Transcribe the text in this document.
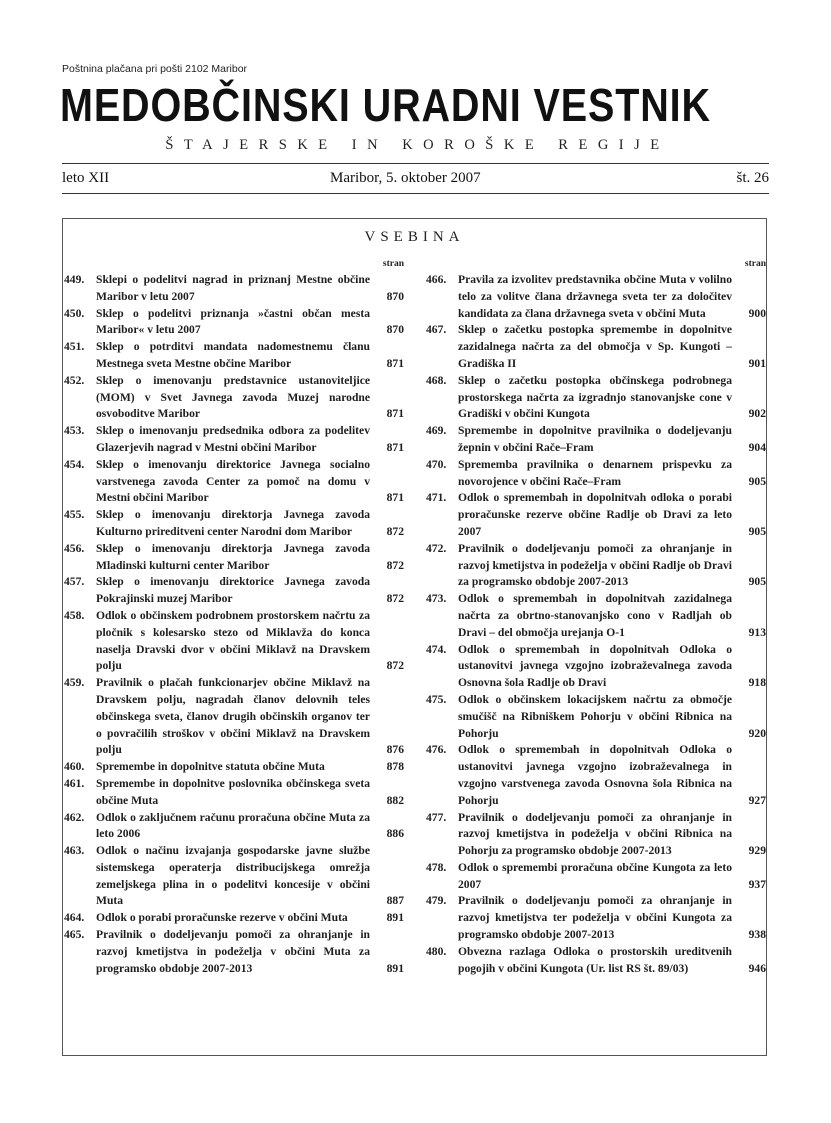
Poštnina plačana pri pošti 2102 Maribor
MEDOBČINSKI URADNI VESTNIK
ŠTAJERSKE IN KOROŠKE REGIJE
leto XII	Maribor, 5. oktober 2007	št. 26
VSEBINA
stran
449.	Sklepi o podelitvi nagrad in priznanj Mestne občine Maribor v letu 2007	870
450.	Sklep o podelitvi priznanja »častni občan mesta Maribor« v letu 2007	870
451.	Sklep o potrditvi mandata nadomestnemu članu Mestnega sveta Mestne občine Maribor	871
452.	Sklep o imenovanju predstavnice ustanoviteljice (MOM) v Svet Javnega zavoda Muzej narodne osvoboditve Maribor	871
453.	Sklep o imenovanju predsednika odbora za podelitev Glazerjevih nagrad v Mestni občini Maribor	871
454.	Sklep o imenovanju direktorice Javnega socialno varstvenega zavoda Center za pomoč na domu v Mestni občini Maribor	871
455.	Sklep o imenovanju direktorja Javnega zavoda Kulturno prireditveni center Narodni dom Maribor	872
456.	Sklep o imenovanju direktorja Javnega zavoda Mladinski kulturni center Maribor	872
457.	Sklep o imenovanju direktorice Javnega zavoda Pokrajinski muzej Maribor	872
458.	Odlok o občinskem podrobnem prostorskem načrtu za pločnik s kolesarsko stezo od Miklavža do konca naselja Dravski dvor v občini Miklavž na Dravskem polju	872
459.	Pravilnik o plačah funkcionarjev občine Miklavž na Dravskem polju, nagradah članov delovnih teles občinskega sveta, članov drugih občinskih organov ter o povračilih stroškov v občini Miklavž na Dravskem polju	876
460.	Spremembe in dopolnitve statuta občine Muta	878
461.	Spremembe in dopolnitve poslovnika občinskega sveta občine Muta	882
462.	Odlok o zaključnem računu proračuna občine Muta za leto 2006	886
463.	Odlok o načinu izvajanja gospodarske javne službe sistemskega operaterja distribucijskega omrežja zemeljskega plina in o podelitvi koncesije v občini Muta	887
464.	Odlok o porabi proračunske rezerve v občini Muta	891
465.	Pravilnik o dodeljevanju pomoči za ohranjanje in razvoj kmetijstva in podeželja v občini Muta za programsko obdobje 2007-2013	891
stran
466.	Pravila za izvolitev predstavnika občine Muta v volilno telo za volitve člana državnega sveta ter za določitev kandidata za člana državnega sveta v občini Muta	900
467.	Sklep o začetku postopka spremembe in dopolnitve zazidalnega načrta za del območja v Sp. Kungoti – Gradiška II	901
468.	Sklep o začetku postopka občinskega podrobnega prostorskega načrta za izgradnjo stanovanjske cone v Gradiški v občini Kungota	902
469.	Spremembe in dopolnitve pravilnika o dodeljevanju žepnin v občini Rače–Fram	904
470.	Sprememba pravilnika o denarnem prispevku za novorojence v občini Rače–Fram	905
471.	Odlok o spremembah in dopolnitvah odloka o porabi proračunske rezerve občine Radlje ob Dravi za leto 2007	905
472.	Pravilnik o dodeljevanju pomoči za ohranjanje in razvoj kmetijstva in podeželja v občini Radlje ob Dravi za programsko obdobje 2007-2013	905
473.	Odlok o spremembah in dopolnitvah zazidalnega načrta za obrtno-stanovanjsko cono v Radljah ob Dravi – del območja urejanja O-1	913
474.	Odlok o spremembah in dopolnitvah Odloka o ustanovitvi javnega vzgojno izobraževalnega zavoda Osnovna šola Radlje ob Dravi	918
475.	Odlok o občinskem lokacijskem načrtu za območje smučišč na Ribniškem Pohorju v občini Ribnica na Pohorju	920
476.	Odlok o spremembah in dopolnitvah Odloka o ustanovitvi javnega vzgojno izobraževalnega in vzgojno varstvenega zavoda Osnovna šola Ribnica na Pohorju	927
477.	Pravilnik o dodeljevanju pomoči za ohranjanje in razvoj kmetijstva in podeželja v občini Ribnica na Pohorju za programsko obdobje 2007-2013	929
478.	Odlok o spremembi proračuna občine Kungota za leto 2007	937
479.	Pravilnik o dodeljevanju pomoči za ohranjanje in razvoj kmetijstva ter podeželja v občini Kungota za programsko obdobje 2007-2013	938
480.	Obvezna razlaga Odloka o prostorskih ureditvenih pogojih v občini Kungota (Ur. list RS št. 89/03)	946
